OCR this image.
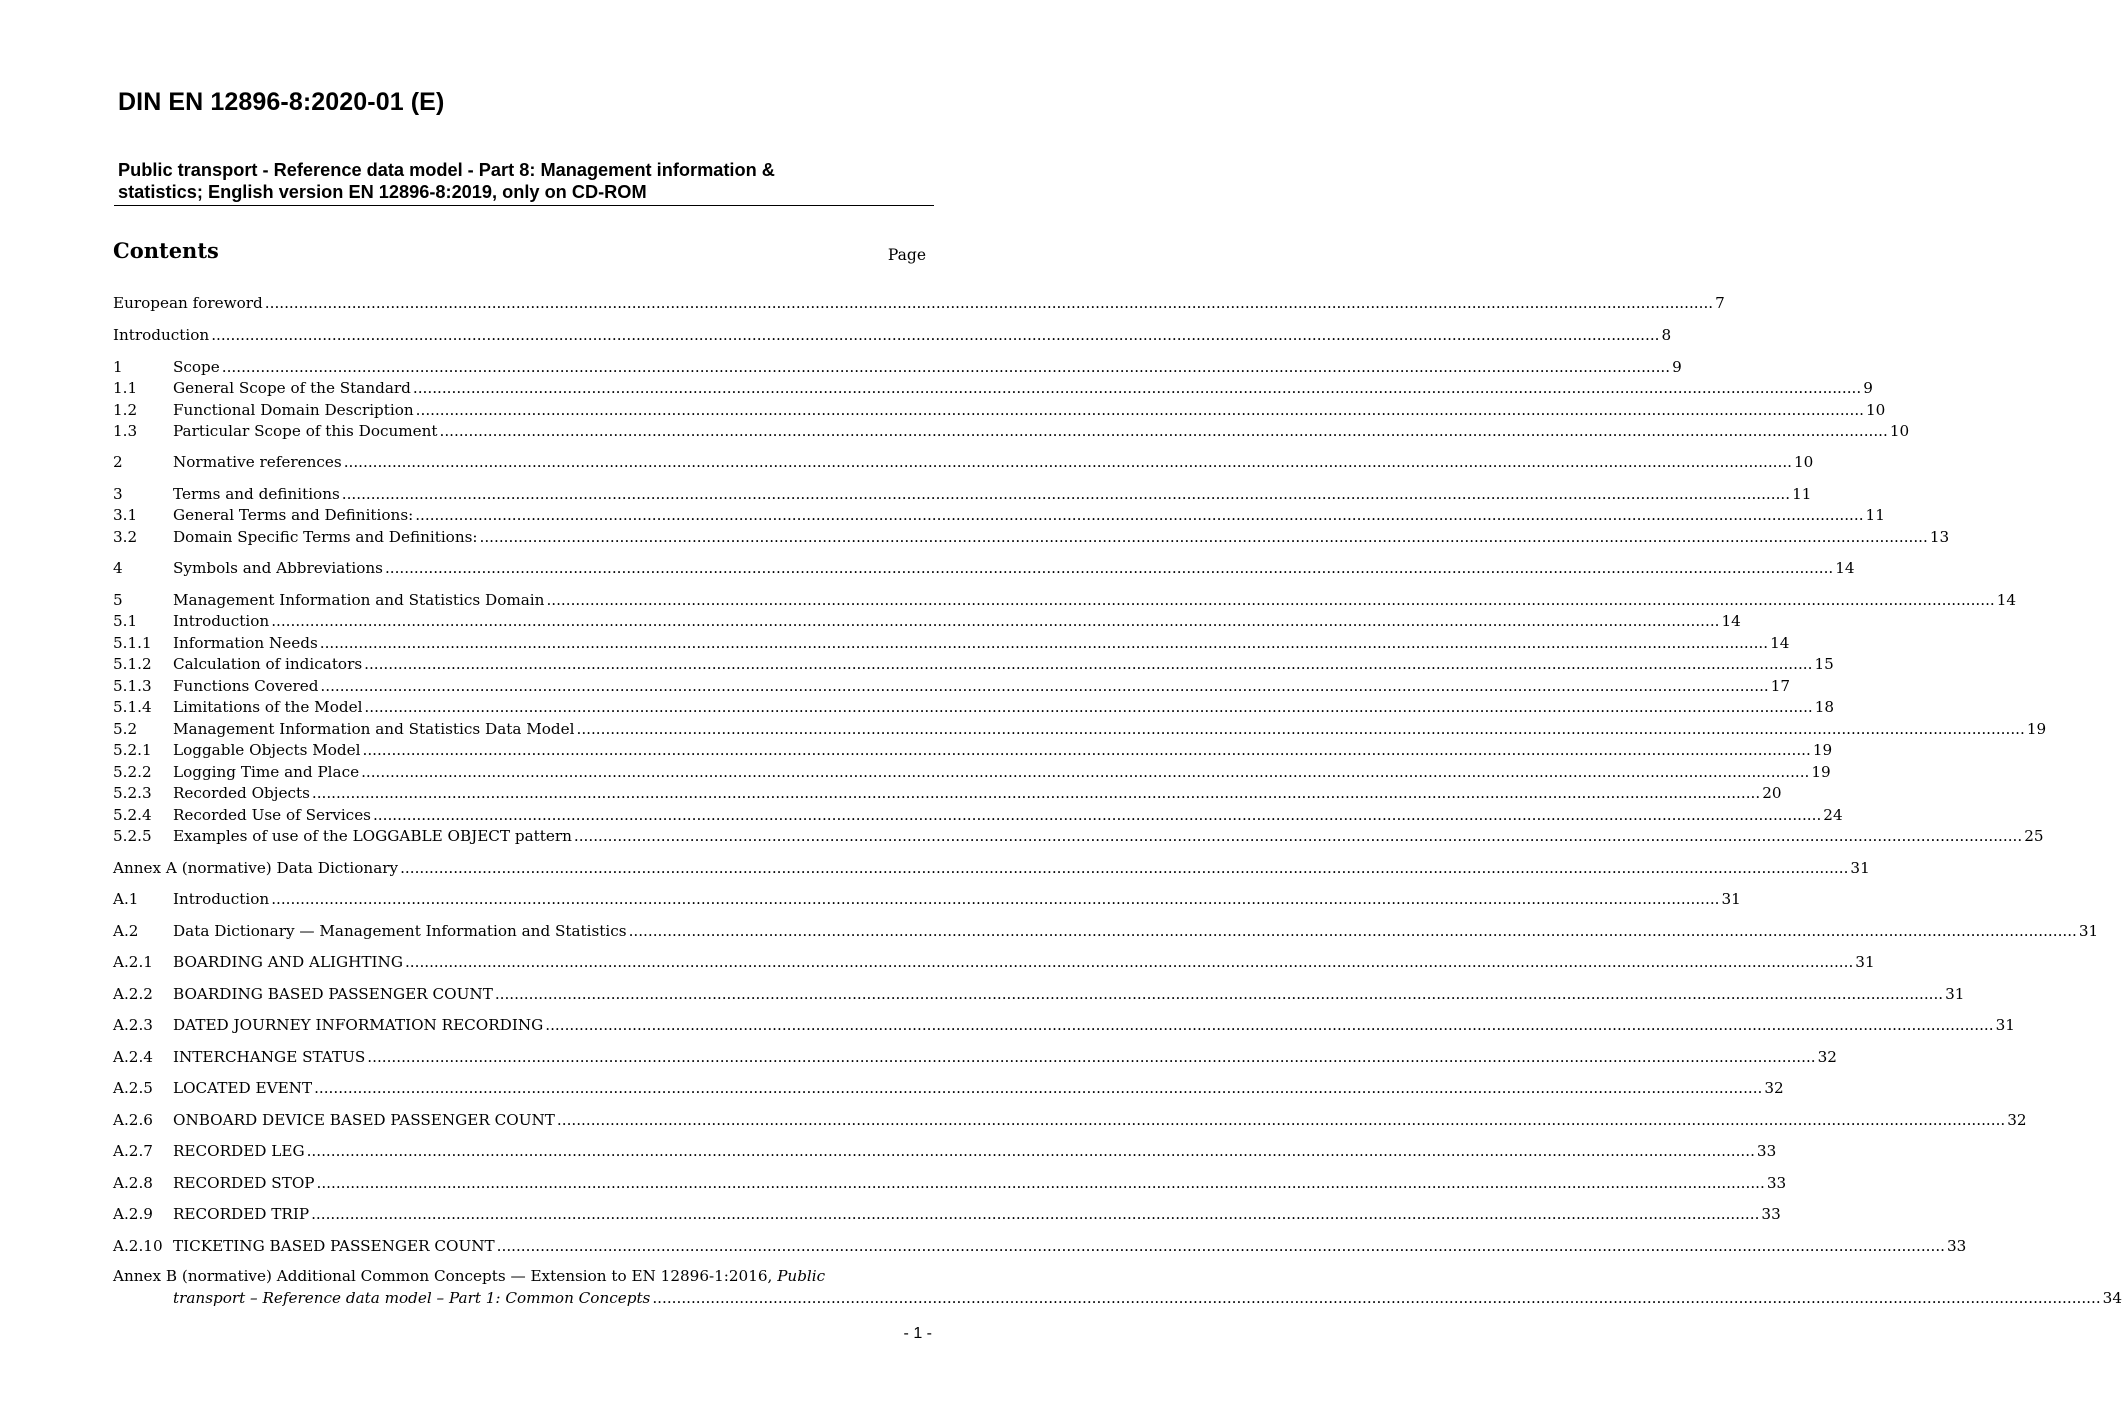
DIN EN 12896-8:2020-01 (E)
Public transport - Reference data model - Part 8: Management information &
statistics; English version EN 12896-8:2019, only on CD-ROM
Contents	Page
European foreword ............................................................................................................................................................................................................................................................................................................ 7
Introduction ............................................................................................................................................................................................................................................................................................................ 8
1	Scope ............................................................................................................................................................................................................................................................................................................ 9
1.1	General Scope of the Standard ............................................................................................................................................................................................................................................................................................................ 9
1.2	Functional Domain Description ............................................................................................................................................................................................................................................................................................................ 10
1.3	Particular Scope of this Document ............................................................................................................................................................................................................................................................................................................ 10
2	Normative references ............................................................................................................................................................................................................................................................................................................ 10
3	Terms and definitions ............................................................................................................................................................................................................................................................................................................ 11
3.1	General Terms and Definitions: ............................................................................................................................................................................................................................................................................................................ 11
3.2	Domain Specific Terms and Definitions: ............................................................................................................................................................................................................................................................................................................ 13
4	Symbols and Abbreviations ............................................................................................................................................................................................................................................................................................................ 14
5	Management Information and Statistics Domain ............................................................................................................................................................................................................................................................................................................ 14
5.1	Introduction ............................................................................................................................................................................................................................................................................................................ 14
5.1.1	Information Needs ............................................................................................................................................................................................................................................................................................................ 14
5.1.2	Calculation of indicators ............................................................................................................................................................................................................................................................................................................ 15
5.1.3	Functions Covered ............................................................................................................................................................................................................................................................................................................ 17
5.1.4	Limitations of the Model ............................................................................................................................................................................................................................................................................................................ 18
5.2	Management Information and Statistics Data Model ............................................................................................................................................................................................................................................................................................................ 19
5.2.1	Loggable Objects Model ............................................................................................................................................................................................................................................................................................................ 19
5.2.2	Logging Time and Place ............................................................................................................................................................................................................................................................................................................ 19
5.2.3	Recorded Objects ............................................................................................................................................................................................................................................................................................................ 20
5.2.4	Recorded Use of Services ............................................................................................................................................................................................................................................................................................................ 24
5.2.5	Examples of use of the LOGGABLE OBJECT pattern ............................................................................................................................................................................................................................................................................................................ 25
Annex A (normative) Data Dictionary ............................................................................................................................................................................................................................................................................................................ 31
A.1	Introduction ............................................................................................................................................................................................................................................................................................................ 31
A.2	Data Dictionary — Management Information and Statistics ............................................................................................................................................................................................................................................................................................................ 31
A.2.1	BOARDING AND ALIGHTING ............................................................................................................................................................................................................................................................................................................ 31
A.2.2	BOARDING BASED PASSENGER COUNT ............................................................................................................................................................................................................................................................................................................ 31
A.2.3	DATED JOURNEY INFORMATION RECORDING ............................................................................................................................................................................................................................................................................................................ 31
A.2.4	INTERCHANGE STATUS ............................................................................................................................................................................................................................................................................................................ 32
A.2.5	LOCATED EVENT ............................................................................................................................................................................................................................................................................................................ 32
A.2.6	ONBOARD DEVICE BASED PASSENGER COUNT ............................................................................................................................................................................................................................................................................................................ 32
A.2.7	RECORDED LEG ............................................................................................................................................................................................................................................................................................................ 33
A.2.8	RECORDED STOP ............................................................................................................................................................................................................................................................................................................ 33
A.2.9	RECORDED TRIP ............................................................................................................................................................................................................................................................................................................ 33
A.2.10 TICKETING BASED PASSENGER COUNT ............................................................................................................................................................................................................................................................................................................ 33
Annex B (normative) Additional Common Concepts — Extension to EN 12896-1:2016, Public
transport – Reference data model – Part 1: Common Concepts ............................................................................................................................................................................................................................................................................................................ 34
- 1 -
